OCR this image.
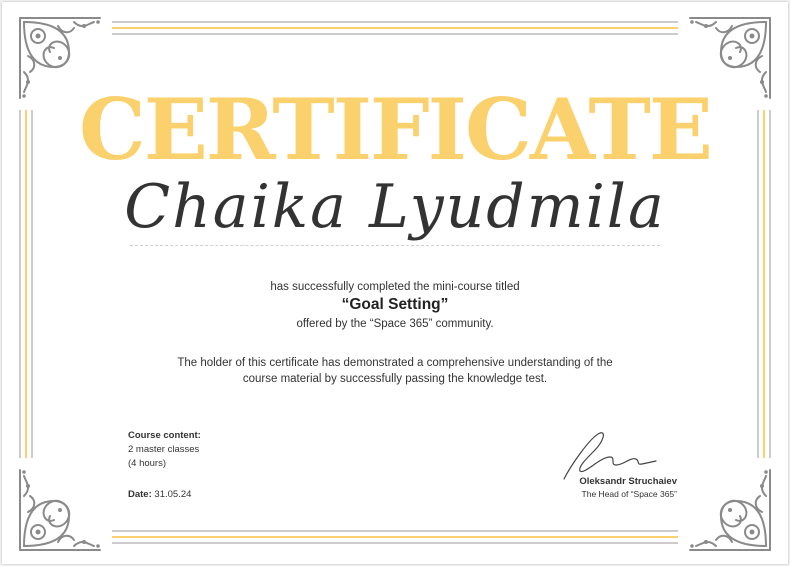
CERTIFICATE
Chaika Lyudmila
has successfully completed the mini-course titled
“Goal Setting”
offered by the “Space 365” community.
The holder of this certificate has demonstrated a comprehensive understanding of the course material by successfully passing the knowledge test.
Course content:
2 master classes
(4 hours)
Date: 31.05.24
Oleksandr Struchaiev
The Head of “Space 365”
